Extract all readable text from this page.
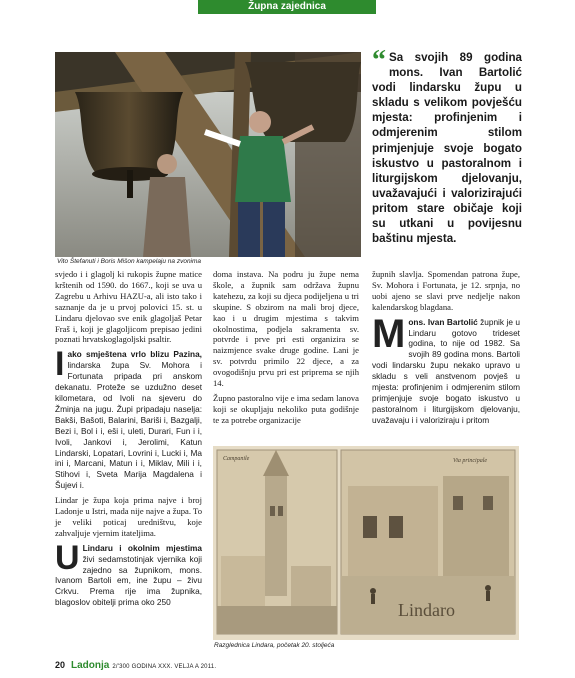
Župna zajednica
Vito Štefanuti i Boris Mišon kampelaju na zvonima
“ Sa svojih 89 godina mons. Ivan Bartolić vodi lindarsku župu u skladu s velikom povješću mjesta: profinjenim i odmjerenim stilom primjenjuje svoje bogato iskustvo u pastoralnom i liturgijskom djelovanju, uvažavajući i valorizirajući pritom stare običaje koji su utkani u povijesnu baštinu mjesta.

svjedo i i glagolj ki rukopis župne matice krštenih od 1590. do 1667., koji se uva u Zagrebu u Arhivu HAZU-a, ali isto tako i saznanje da je u prvoj polovici 15. st. u Lindaru djelovao sve enik glagoljaš Petar Fraš i, koji je glagoljicom prepisao jedini poznati hrvatskoglagoljski psaltir.

Iako smještena vrlo blizu Pazina, lindarska župa Sv. Mohora i Fortunata pripada pri anskom dekanatu. Proteže se uzdužno deset kilometara, od Ivoli na sjeveru do Žminja na jugu. Župi pripadaju naselja: Bakši, Bašoti, Balarini, Bariši i, Bazgalji, Bezi i, Bol i i, eši i, uleti, Durari, Fun i i, Ivoli, Jankovi i, Jerolimi, Katun Lindarski, Lopatari, Lovrini i, Lucki i, Ma ini i, Marcani, Matun i i, Miklav, Mili i i, Stihovi i, Sveta Marija Magdalena i Šujevi i.

Lindar je župa koja prima najve i broj Ladonje u Istri, mada nije najve a župa. To je veliki poticaj uredništvu, koje zahvaljuje vjernim itateljima.

U Lindaru i okolnim mjestima živi sedamstotinjak vjernika koji zajedno sa župnikom, mons. Ivanom Bartoli em, ine župu – živu Crkvu. Prema rije ima župnika, blagoslov obitelji prima oko 250

doma instava. Na podru ju župe nema škole, a župnik sam održava župnu katehezu, za koji su djeca podijeljena u tri skupine. S obzirom na mali broj djece, kao i u drugim mjestima s takvim okolnostima, podjela sakramenta sv. potvrde i prve pri esti organizira se naizmjence svake druge godine. Lani je sv. potvrdu primilo 22 djece, a za ovogodišnju prvu pri est priprema se njih 14.

Župno pastoralno vije e ima sedam lanova koji se okupljaju nekoliko puta godišnje te za potrebe organizacije

župnih slavlja. Spomendan patrona župe, Sv. Mohora i Fortunata, je 12. srpnja, no uobi ajeno se slavi prve nedjelje nakon kalendarskog blagdana.

Mons. Ivan Bartolić župnik je u Lindaru gotovo trideset godina, to nije od 1982. Sa svojih 89 godina mons. Bartoli vodi lindarsku župu nekako upravo u skladu s veli anstvenom povješ u mjesta: profinjenim i odmjerenim stilom primjenjuje svoje bogato iskustvo u pastoralnom i liturgijskom djelovanju, uvažavaju i i valoriziraju i pritom

Campanile	Via principale
Lindaro
Razglednica Lindara, početak 20. stoljeća
20 Ladonja 2/'300 GODINA XXX. VELJA A 2011.
